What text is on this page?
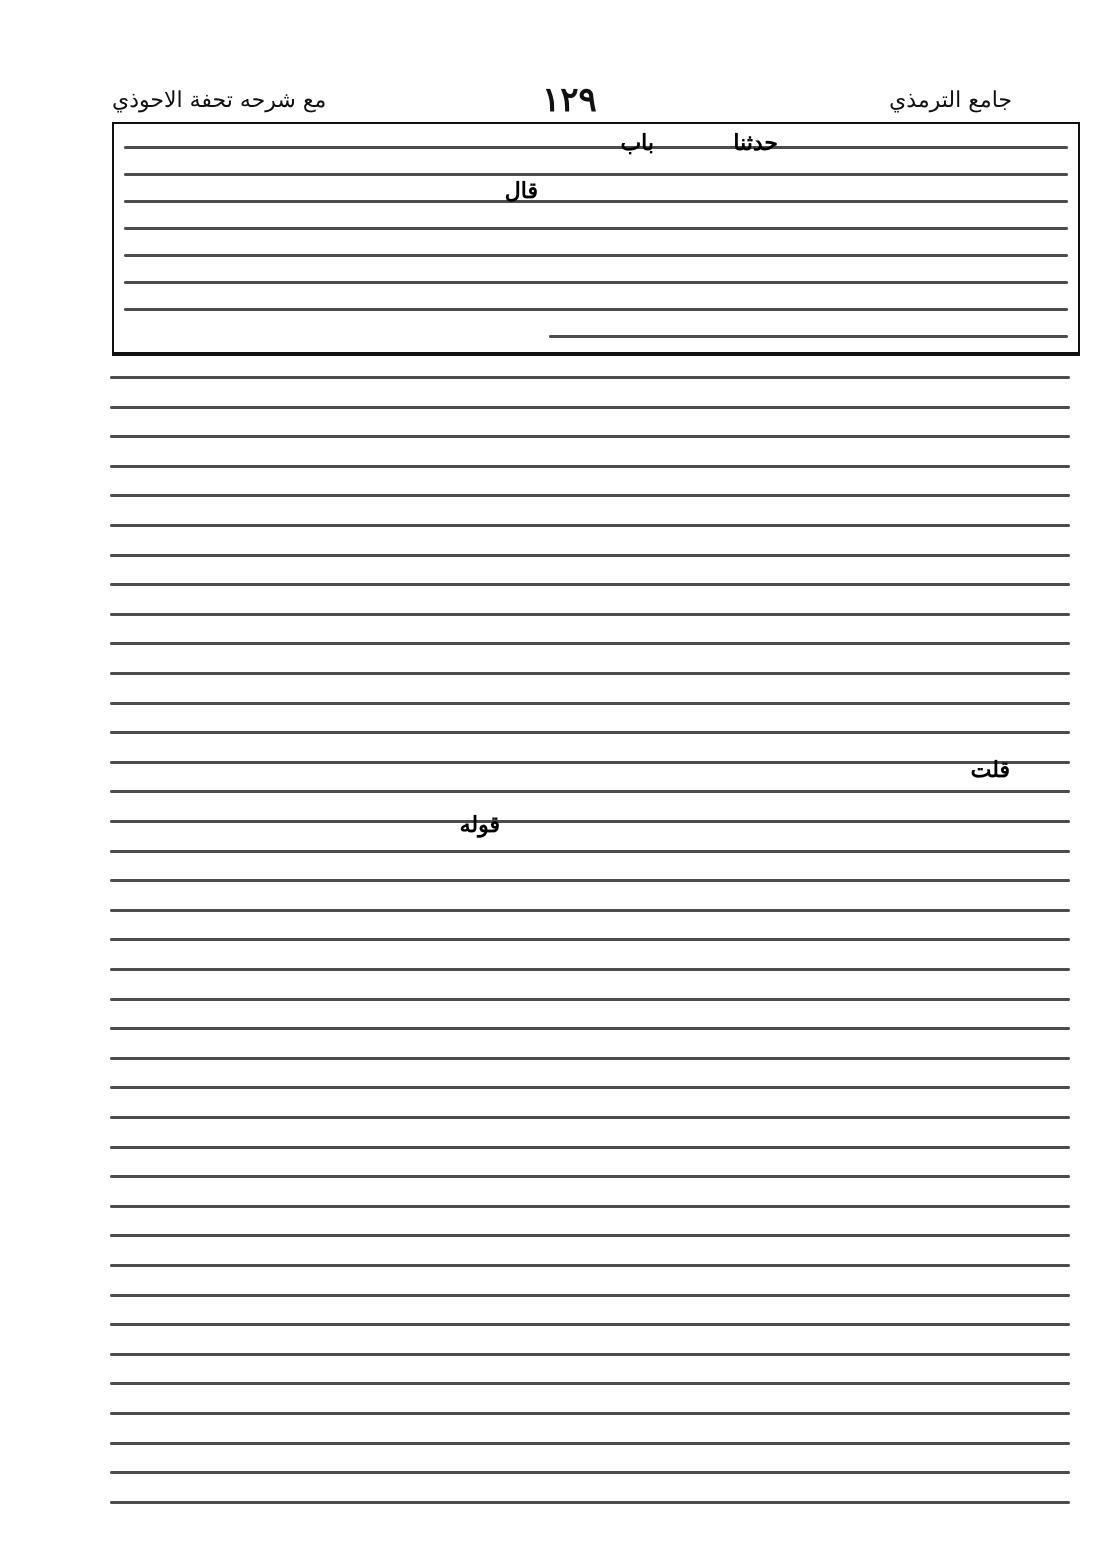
جامع الترمذي
١٢٩
مع شرحه تحفة الاحوذي
باب	حدثنا
قال
قوله
قلت
